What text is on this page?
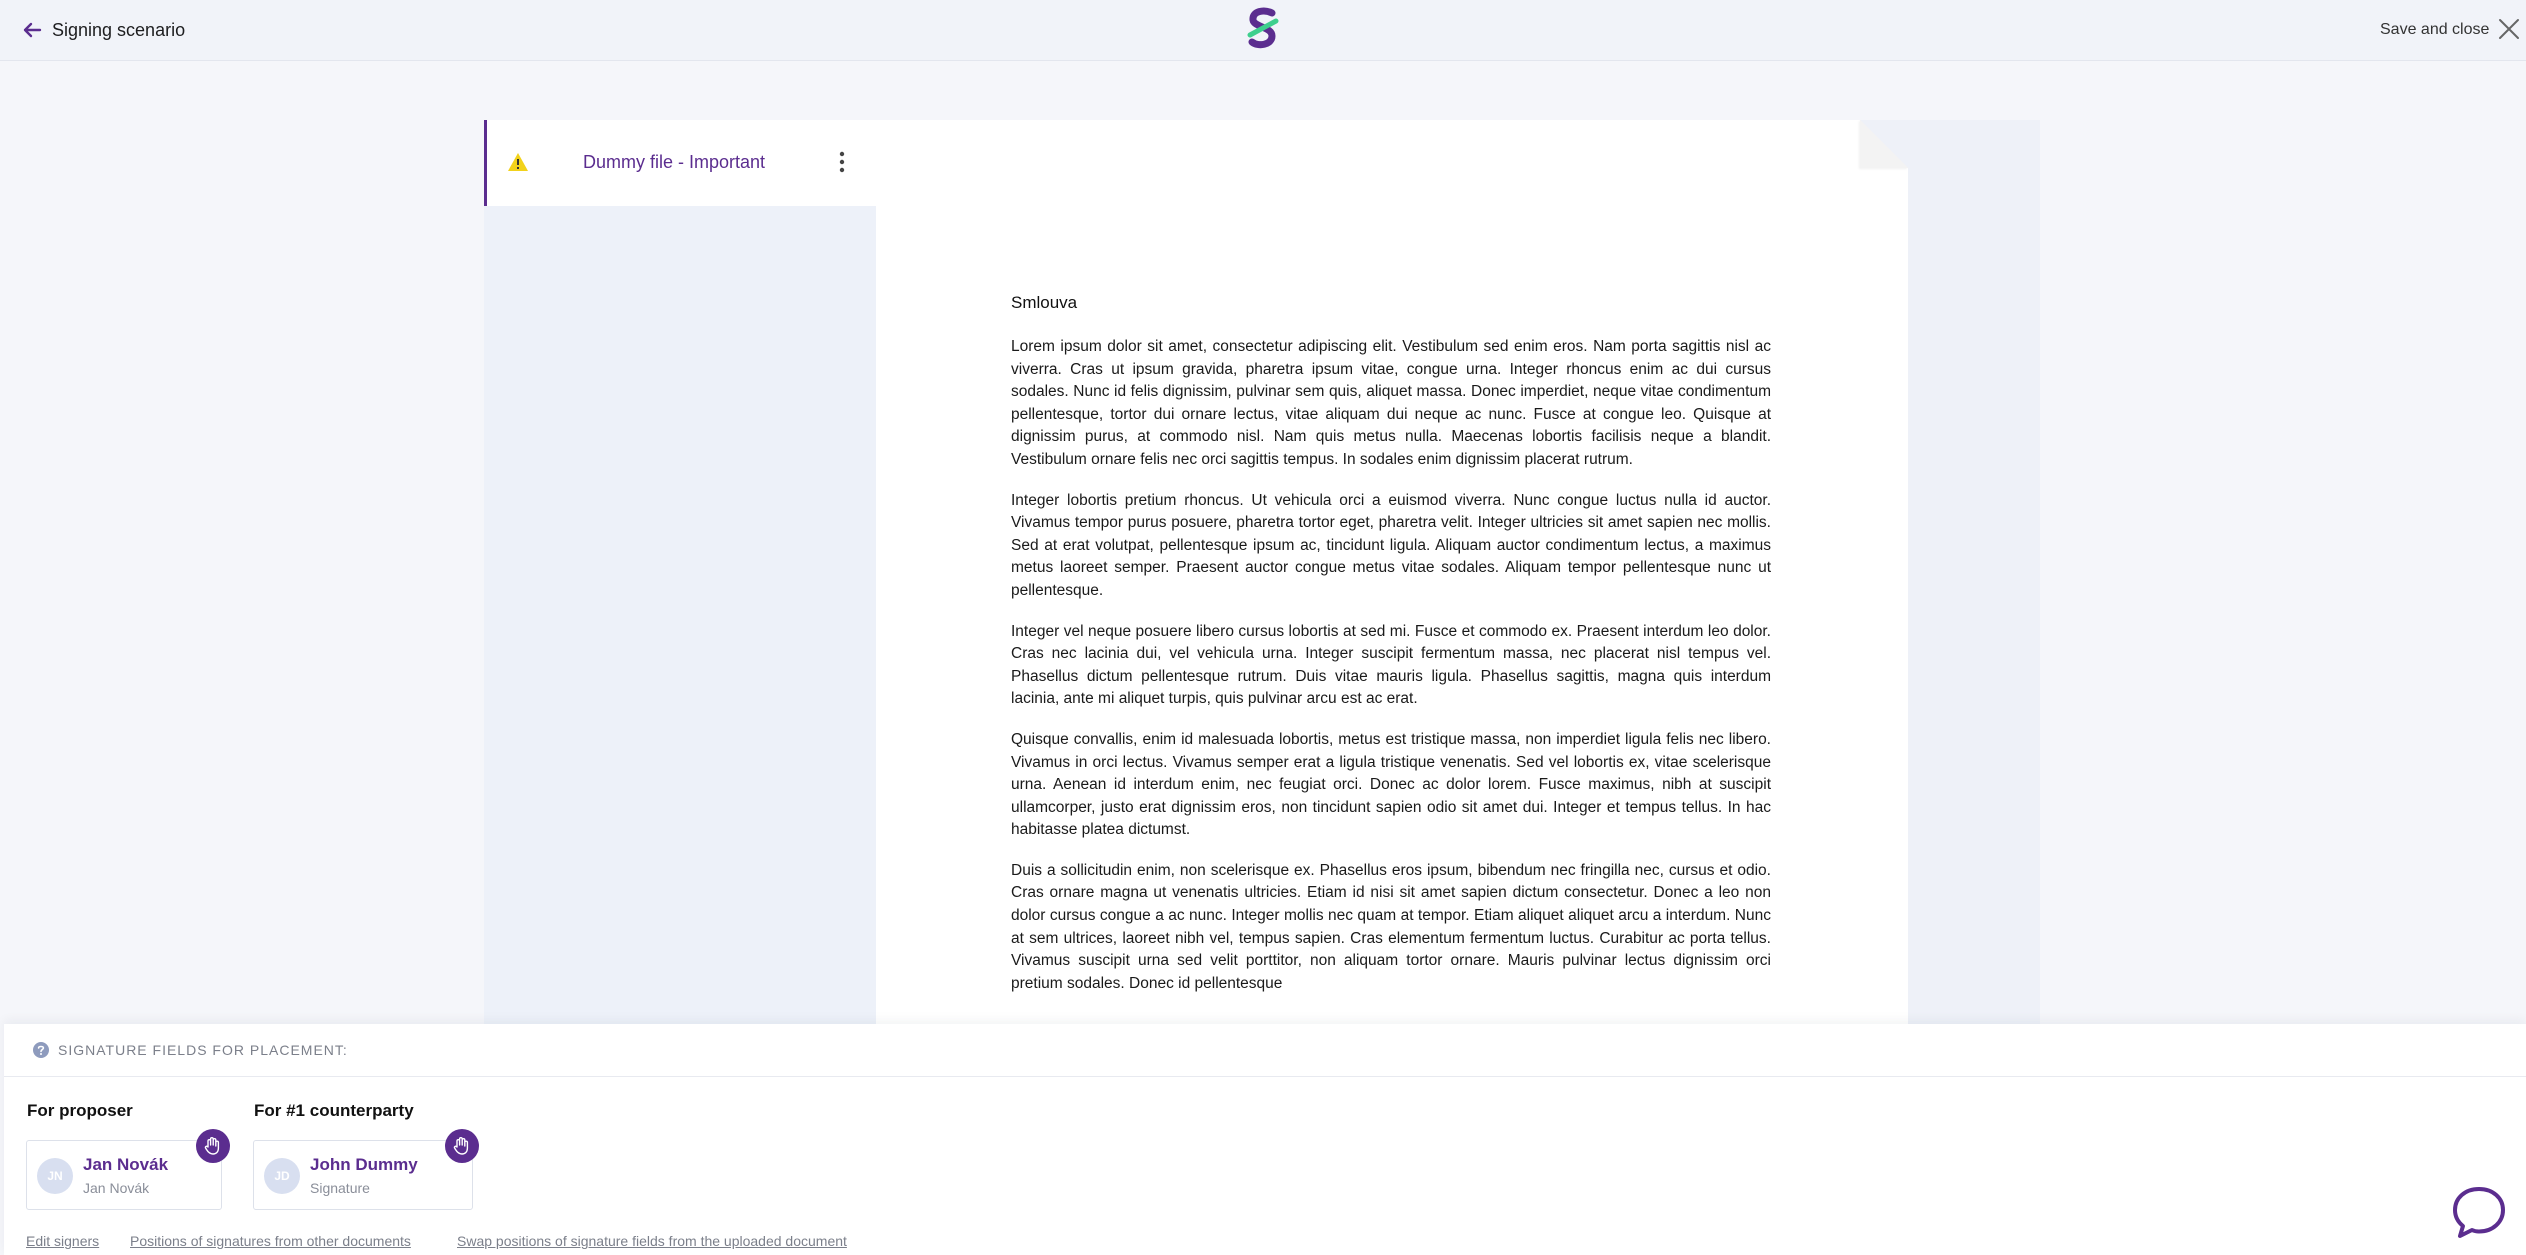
Signing scenario	Save and close
Dummy file - Important
Smlouva

Lorem ipsum dolor sit amet, consectetur adipiscing elit. Vestibulum sed enim eros. Nam porta sagittis nisl ac viverra. Cras ut ipsum gravida, pharetra ipsum vitae, congue urna. Integer rhoncus enim ac dui cursus sodales. Nunc id felis dignissim, pulvinar sem quis, aliquet massa. Donec imperdiet, neque vitae condimentum pellentesque, tortor dui ornare lectus, vitae aliquam dui neque ac nunc. Fusce at congue leo. Quisque at dignissim purus, at commodo nisl. Nam quis metus nulla. Maecenas lobortis facilisis neque a blandit. Vestibulum ornare felis nec orci sagittis tempus. In sodales enim dignissim placerat rutrum.

Integer lobortis pretium rhoncus. Ut vehicula orci a euismod viverra. Nunc congue luctus nulla id auctor. Vivamus tempor purus posuere, pharetra tortor eget, pharetra velit. Integer ultricies sit amet sapien nec mollis. Sed at erat volutpat, pellentesque ipsum ac, tincidunt ligula. Aliquam auctor condimentum lectus, a maximus metus laoreet semper. Praesent auctor congue metus vitae sodales. Aliquam tempor pellentesque nunc ut pellentesque.

Integer vel neque posuere libero cursus lobortis at sed mi. Fusce et commodo ex. Praesent interdum leo dolor. Cras nec lacinia dui, vel vehicula urna. Integer suscipit fermentum massa, nec placerat nisl tempus vel. Phasellus dictum pellentesque rutrum. Duis vitae mauris ligula. Phasellus sagittis, magna quis interdum lacinia, ante mi aliquet turpis, quis pulvinar arcu est ac erat.

Quisque convallis, enim id malesuada lobortis, metus est tristique massa, non imperdiet ligula felis nec libero. Vivamus in orci lectus. Vivamus semper erat a ligula tristique venenatis. Sed vel lobortis ex, vitae scelerisque urna. Aenean id interdum enim, nec feugiat orci. Donec ac dolor lorem. Fusce maximus, nibh at suscipit ullamcorper, justo erat dignissim eros, non tincidunt sapien odio sit amet dui. Integer et tempus tellus. In hac habitasse platea dictumst.

Duis a sollicitudin enim, non scelerisque ex. Phasellus eros ipsum, bibendum nec fringilla nec, cursus et odio. Cras ornare magna ut venenatis ultricies. Etiam id nisi sit amet sapien dictum consectetur. Donec a leo non dolor cursus congue a ac nunc. Integer mollis nec quam at tempor. Etiam aliquet aliquet arcu a interdum. Nunc at sem ultrices, laoreet nibh vel, tempus sapien. Cras elementum fermentum luctus. Curabitur ac porta tellus. Vivamus suscipit urna sed velit porttitor, non aliquam tortor ornare. Mauris pulvinar lectus dignissim orci pretium sodales. Donec id pellentesque

SIGNATURE FIELDS FOR PLACEMENT:
For proposer
JN
Jan Novák
Jan Novák
For #1 counterparty
JD
John Dummy
Signature
Edit signers Positions of signatures from other documents	Swap positions of signature fields from the uploaded document
